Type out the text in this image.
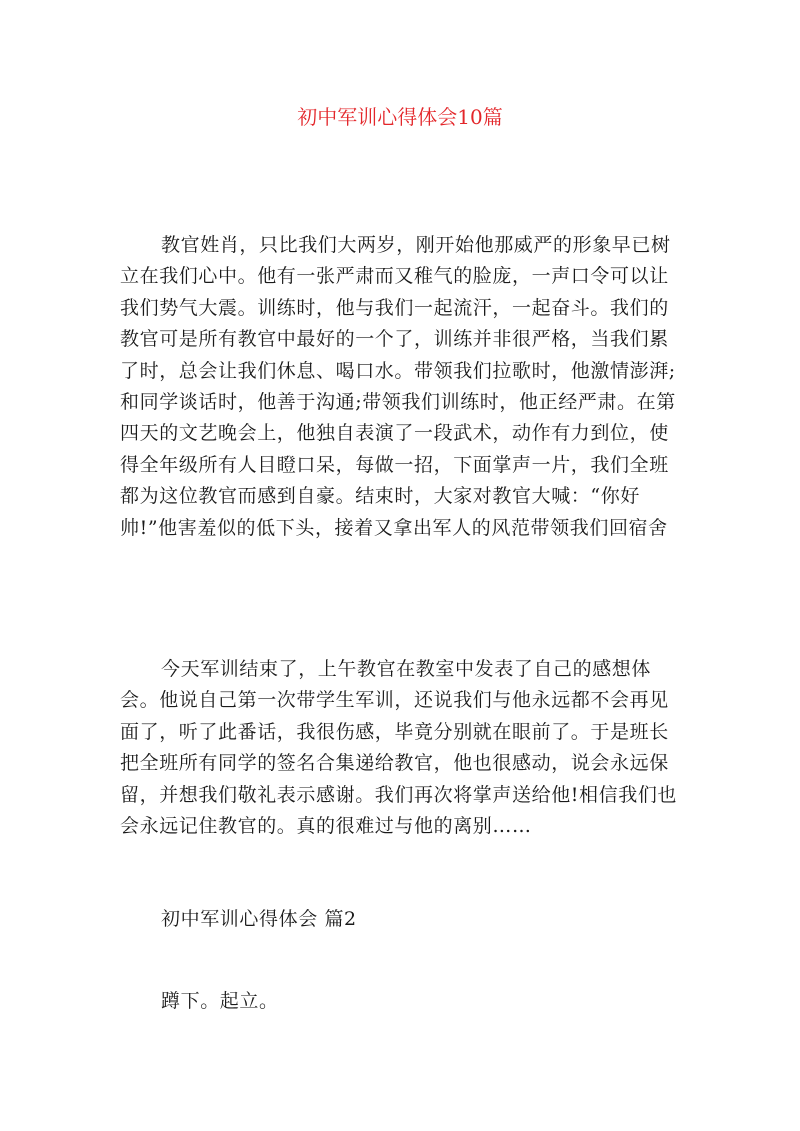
初中军训心得体会10篇

教官姓肖，只比我们大两岁，刚开始他那威严的形象早已树立在我们心中。他有一张严肃而又稚气的脸庞，一声口令可以让我们势气大震。训练时，他与我们一起流汗，一起奋斗。我们的教官可是所有教官中最好的一个了，训练并非很严格，当我们累了时，总会让我们休息、喝口水。带领我们拉歌时，他激情澎湃;和同学谈话时，他善于沟通;带领我们训练时，他正经严肃。在第四天的文艺晚会上，他独自表演了一段武术，动作有力到位，使得全年级所有人目瞪口呆，每做一招，下面掌声一片，我们全班都为这位教官而感到自豪。结束时，大家对教官大喊：“你好帅!”他害羞似的低下头，接着又拿出军人的风范带领我们回宿舍

今天军训结束了，上午教官在教室中发表了自己的感想体会。他说自己第一次带学生军训，还说我们与他永远都不会再见面了，听了此番话，我很伤感，毕竟分别就在眼前了。于是班长把全班所有同学的签名合集递给教官，他也很感动，说会永远保留，并想我们敬礼表示感谢。我们再次将掌声送给他!相信我们也会永远记住教官的。真的很难过与他的离别……

初中军训心得体会 篇2
蹲下。起立。
